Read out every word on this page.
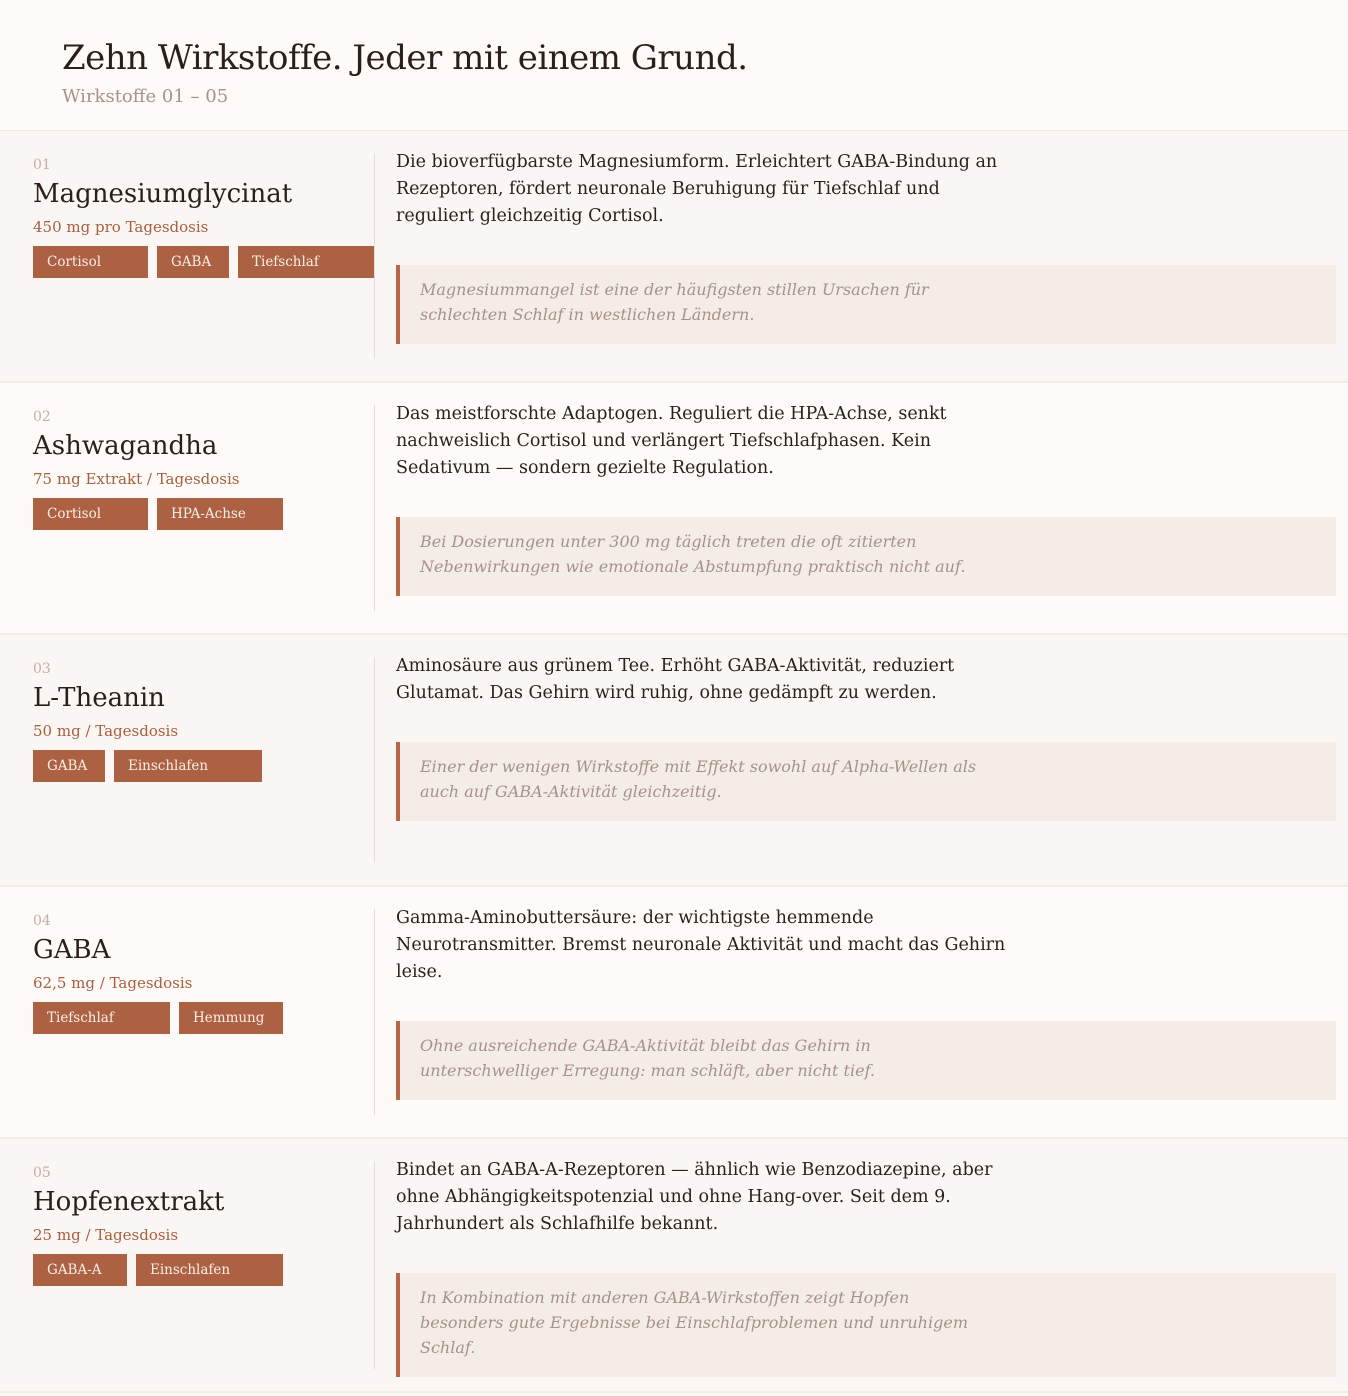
Zehn Wirkstoffe. Jeder mit einem Grund.
Wirkstoffe 01 – 05
01
Magnesiumglycinat
450 mg pro Tagesdosis
Cortisol	GABA	Tiefschlaf
Die bioverfügbarste Magnesiumform. Erleichtert GABA-Bindung an Rezeptoren, fördert neuronale Beruhigung für Tiefschlaf und reguliert gleichzeitig Cortisol.
Magnesiummangel ist eine der häufigsten stillen Ursachen für schlechten Schlaf in westlichen Ländern.
02
Ashwagandha
75 mg Extrakt / Tagesdosis
Cortisol	HPA-Achse
Das meistforschte Adaptogen. Reguliert die HPA-Achse, senkt nachweislich Cortisol und verlängert Tiefschlafphasen. Kein Sedativum — sondern gezielte Regulation.
Bei Dosierungen unter 300 mg täglich treten die oft zitierten Nebenwirkungen wie emotionale Abstumpfung praktisch nicht auf.
03
L-Theanin
50 mg / Tagesdosis
GABA	Einschlafen
Aminosäure aus grünem Tee. Erhöht GABA-Aktivität, reduziert Glutamat. Das Gehirn wird ruhig, ohne gedämpft zu werden.
Einer der wenigen Wirkstoffe mit Effekt sowohl auf Alpha-Wellen als auch auf GABA-Aktivität gleichzeitig.
04
GABA
62,5 mg / Tagesdosis
Tiefschlaf	Hemmung
Gamma-Aminobuttersäure: der wichtigste hemmende Neurotransmitter. Bremst neuronale Aktivität und macht das Gehirn leise.
Ohne ausreichende GABA-Aktivität bleibt das Gehirn in unterschwelliger Erregung: man schläft, aber nicht tief.
05
Hopfenextrakt
25 mg / Tagesdosis
GABA-A	Einschlafen
Bindet an GABA-A-Rezeptoren — ähnlich wie Benzodiazepine, aber ohne Abhängigkeitspotenzial und ohne Hang-over. Seit dem 9. Jahrhundert als Schlafhilfe bekannt.
In Kombination mit anderen GABA-Wirkstoffen zeigt Hopfen besonders gute Ergebnisse bei Einschlafproblemen und unruhigem Schlaf.
